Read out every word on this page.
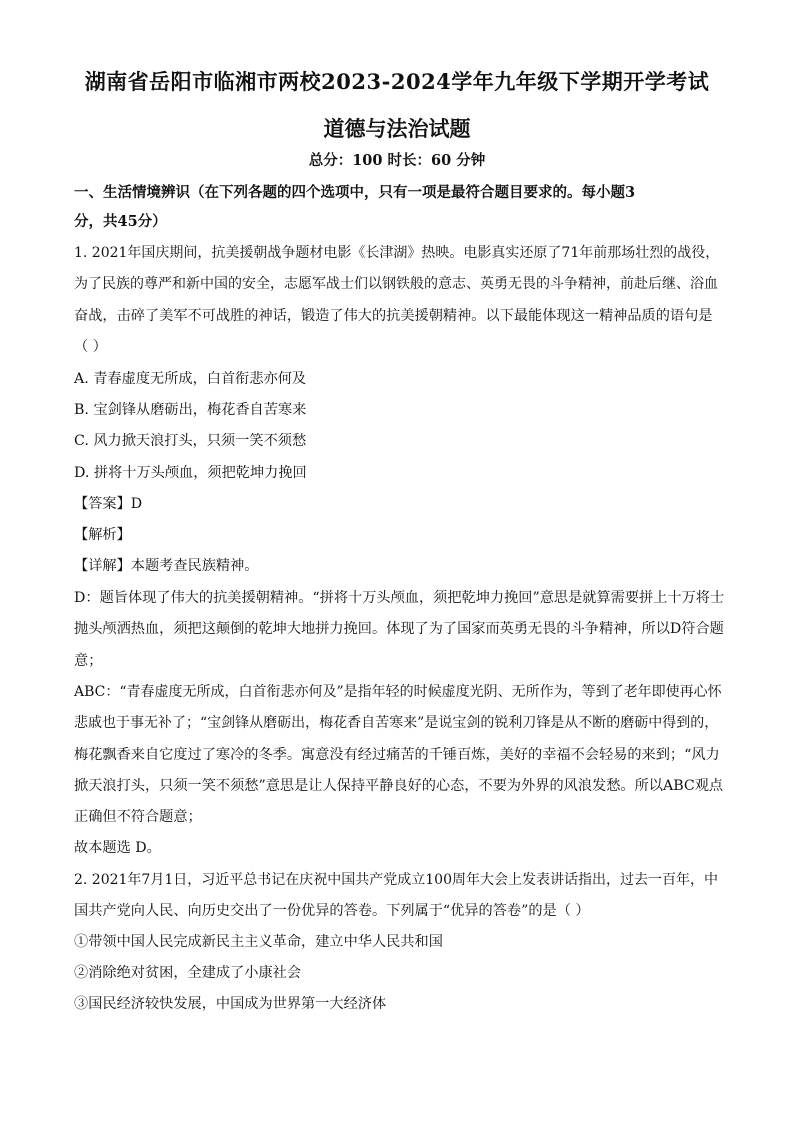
湖南省岳阳市临湘市两校2023-2024学年九年级下学期开学考试
道德与法治试题
总分：100 时长：60 分钟
一、生活情境辨识（在下列各题的四个选项中，只有一项是最符合题目要求的。每小题3
分，共45分）
1. 2021年国庆期间，抗美援朝战争题材电影《长津湖》热映。电影真实还原了71年前那场壮烈的战役，
为了民族的尊严和新中国的安全，志愿军战士们以钢铁般的意志、英勇无畏的斗争精神，前赴后继、浴血
奋战，击碎了美军不可战胜的神话，锻造了伟大的抗美援朝精神。以下最能体现这一精神品质的语句是
（ ）
A. 青春虚度无所成，白首衔悲亦何及
B. 宝剑锋从磨砺出，梅花香自苦寒来
C. 风力掀天浪打头，只须一笑不须愁
D. 拼将十万头颅血，须把乾坤力挽回
【答案】D
【解析】
【详解】本题考查民族精神。
D：题旨体现了伟大的抗美援朝精神。“拼将十万头颅血，须把乾坤力挽回”意思是就算需要拼上十万将士
抛头颅洒热血，须把这颠倒的乾坤大地拼力挽回。体现了为了国家而英勇无畏的斗争精神，所以D符合题
意；
ABC：“青春虚度无所成，白首衔悲亦何及”是指年轻的时候虚度光阴、无所作为，等到了老年即使再心怀
悲戚也于事无补了；“宝剑锋从磨砺出，梅花香自苦寒来”是说宝剑的锐利刀锋是从不断的磨砺中得到的，
梅花飘香来自它度过了寒冷的冬季。寓意没有经过痛苦的千锤百炼，美好的幸福不会轻易的来到；“风力
掀天浪打头，只须一笑不须愁”意思是让人保持平静良好的心态，不要为外界的风浪发愁。所以ABC观点
正确但不符合题意；
故本题选 D。
2. 2021年7月1日，习近平总书记在庆祝中国共产党成立100周年大会上发表讲话指出，过去一百年，中
国共产党向人民、向历史交出了一份优异的答卷。下列属于“优异的答卷”的是（ ）
①带领中国人民完成新民主主义革命，建立中华人民共和国
②消除绝对贫困，全建成了小康社会
③国民经济较快发展，中国成为世界第一大经济体
